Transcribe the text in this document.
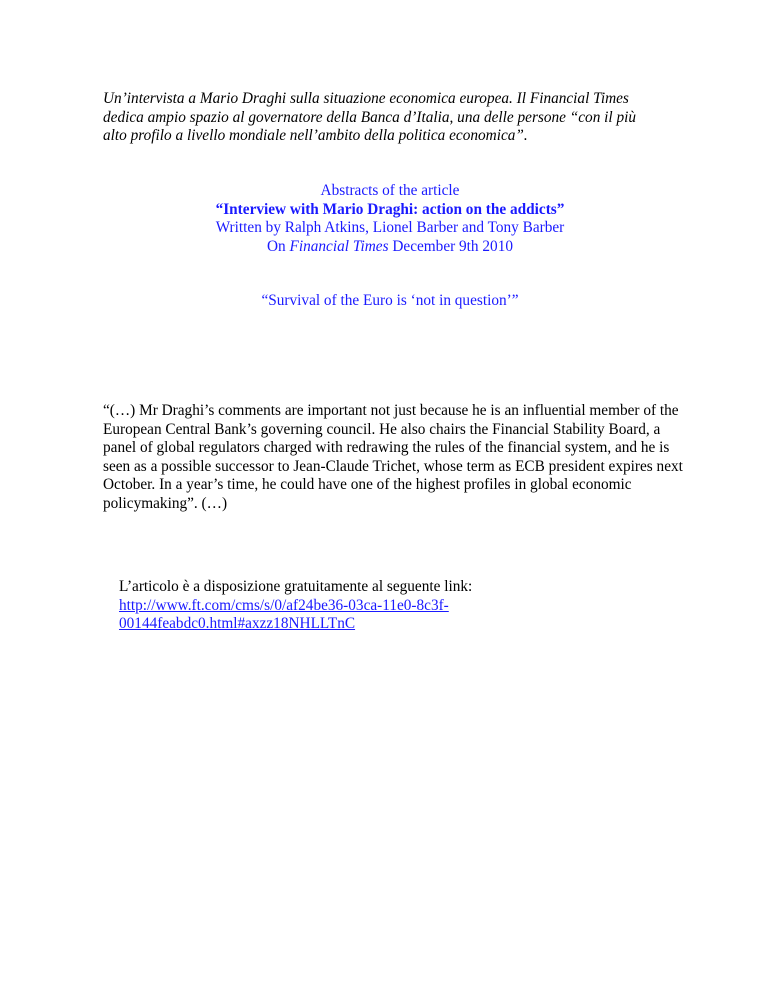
Un’intervista a Mario Draghi sulla situazione economica europea. Il Financial Times
dedica ampio spazio al governatore della Banca d’Italia, una delle persone “con il più
alto profilo a livello mondiale nell’ambito della politica economica”.
Abstracts of the article
“Interview with Mario Draghi: action on the addicts”
Written by Ralph Atkins, Lionel Barber and Tony Barber
On Financial Times December 9th 2010
“Survival of the Euro is ‘not in question’”
“(…) Mr Draghi’s comments are important not just because he is an influential member of the
European Central Bank’s governing council. He also chairs the Financial Stability Board, a
panel of global regulators charged with redrawing the rules of the financial system, and he is
seen as a possible successor to Jean-Claude Trichet, whose term as ECB president expires next
October. In a year’s time, he could have one of the highest profiles in global economic
policymaking”. (…)
L’articolo è a disposizione gratuitamente al seguente link:
http://www.ft.com/cms/s/0/af24be36-03ca-11e0-8c3f-
00144feabdc0.html#axzz18NHLLTnC
